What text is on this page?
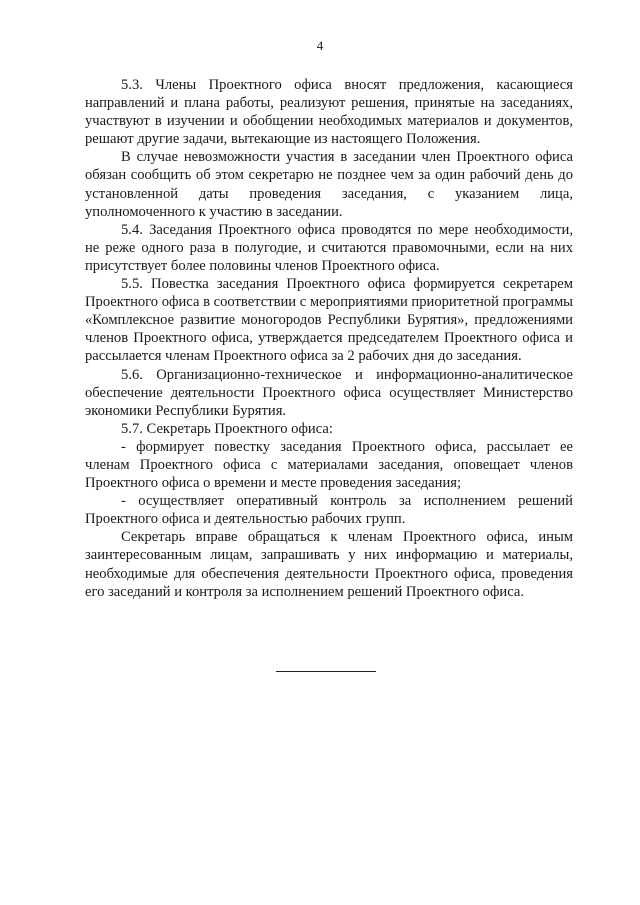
4

5.3. Члены Проектного офиса вносят предложения, касающиеся направлений и плана работы, реализуют решения, принятые на заседаниях, участвуют в изучении и обобщении необходимых материалов и документов, решают другие задачи, вытекающие из настоящего Положения.

В случае невозможности участия в заседании член Проектного офиса обязан сообщить об этом секретарю не позднее чем за один рабочий день до установленной даты проведения заседания, с указанием лица, уполномоченного к участию в заседании.

5.4. Заседания Проектного офиса проводятся по мере необходимости, не реже одного раза в полугодие, и считаются правомочными, если на них присутствует более половины членов Проектного офиса.

5.5. Повестка заседания Проектного офиса формируется секретарем Проектного офиса в соответствии с мероприятиями приоритетной программы «Комплексное развитие моногородов Республики Бурятия», предложениями членов Проектного офиса, утверждается председателем Проектного офиса и рассылается членам Проектного офиса за 2 рабочих дня до заседания.

5.6. Организационно-техническое и информационно-аналитическое обеспечение деятельности Проектного офиса осуществляет Министерство экономики Республики Бурятия.

5.7. Секретарь Проектного офиса:

- формирует повестку заседания Проектного офиса, рассылает ее членам Проектного офиса с материалами заседания, оповещает членов Проектного офиса о времени и месте проведения заседания;

- осуществляет оперативный контроль за исполнением решений Проектного офиса и деятельностью рабочих групп.

Секретарь вправе обращаться к членам Проектного офиса, иным заинтересованным лицам, запрашивать у них информацию и материалы, необходимые для обеспечения деятельности Проектного офиса, проведения его заседаний и контроля за исполнением решений Проектного офиса.
